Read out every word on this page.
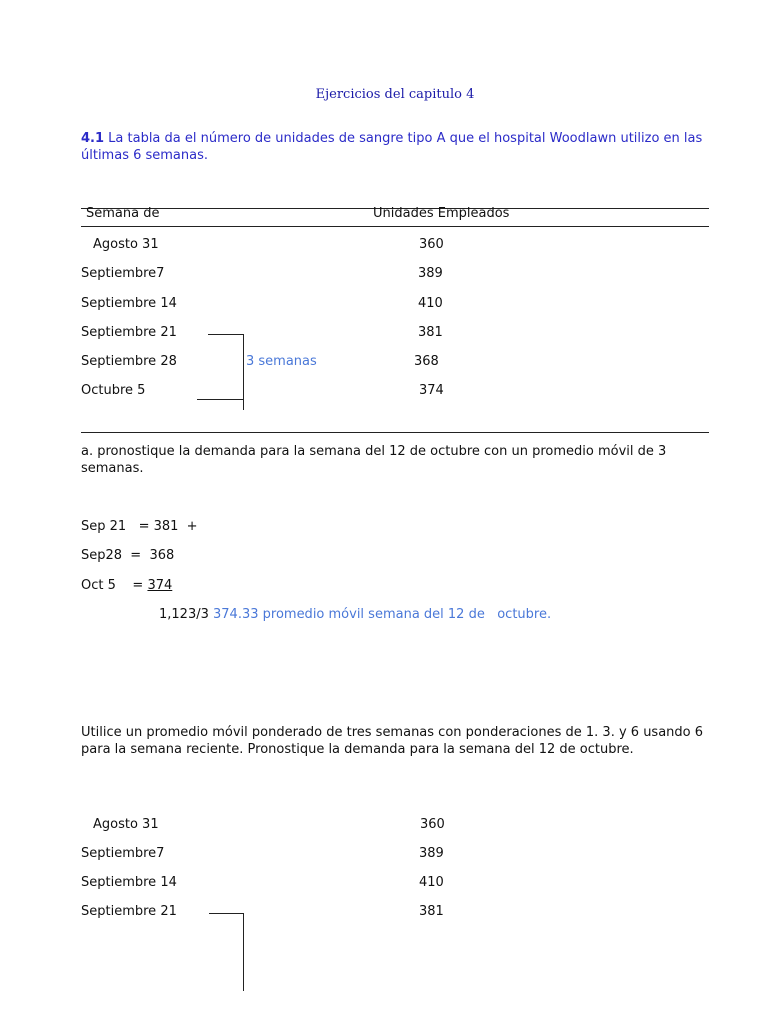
Ejercicios del capitulo 4
4.1 La tabla da el número de unidades de sangre tipo A que el hospital Woodlawn utilizo en las últimas 6 semanas.
Semana de	Unidades Empleados
Agosto 31	360
Septiembre7	389
Septiembre 14	410
Septiembre 21	381
Septiembre 28	3 semanas	368
Octubre 5	374
a. pronostique la demanda para la semana del 12 de octubre con un promedio móvil de 3 semanas.
Sep 21   = 381  +
Sep28  =  368
Oct 5    = 374
1,123/3 374.33 promedio móvil semana del 12 de   octubre.
Utilice un promedio móvil ponderado de tres semanas con ponderaciones de 1. 3. y 6 usando 6 para la semana reciente. Pronostique la demanda para la semana del 12 de octubre.
Agosto 31	360
Septiembre7	389
Septiembre 14	410
Septiembre 21	381
